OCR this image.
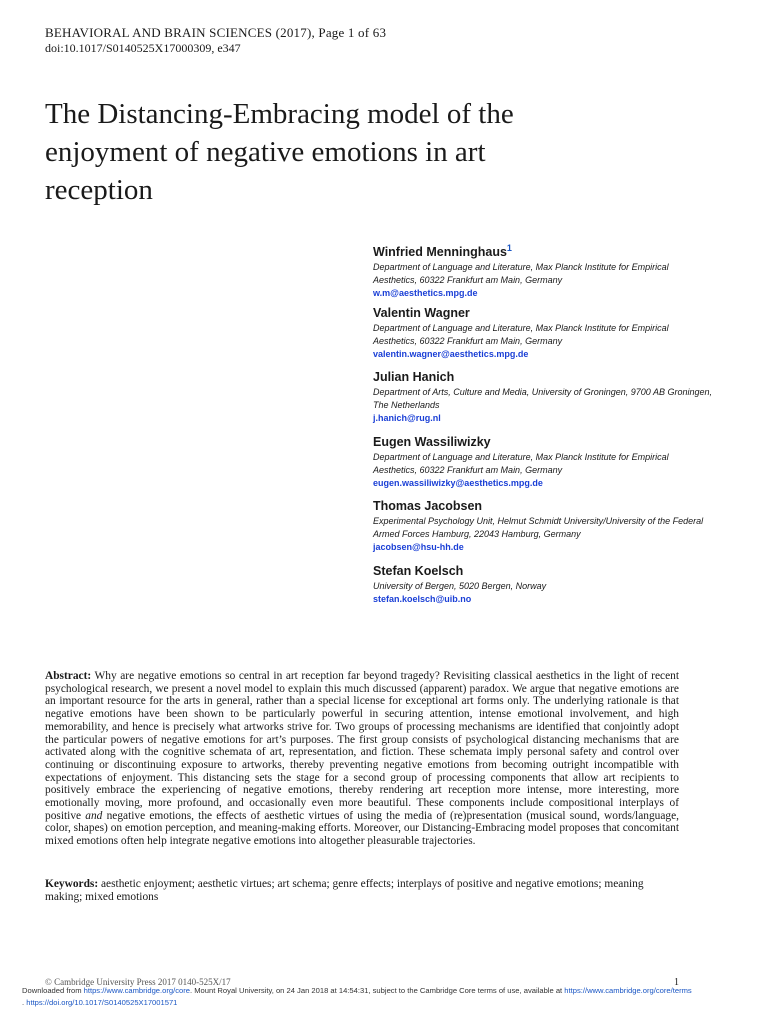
BEHAVIORAL AND BRAIN SCIENCES (2017), Page 1 of 63
doi:10.1017/S0140525X17000309, e347
The Distancing-Embracing model of the enjoyment of negative emotions in art reception
Winfried Menninghaus$^1$
Department of Language and Literature, Max Planck Institute for Empirical Aesthetics, 60322 Frankfurt am Main, Germany
w.m@aesthetics.mpg.de
Valentin Wagner
Department of Language and Literature, Max Planck Institute for Empirical Aesthetics, 60322 Frankfurt am Main, Germany
valentin.wagner@aesthetics.mpg.de
Julian Hanich
Department of Arts, Culture and Media, University of Groningen, 9700 AB Groningen, The Netherlands
j.hanich@rug.nl
Eugen Wassiliwizky
Department of Language and Literature, Max Planck Institute for Empirical Aesthetics, 60322 Frankfurt am Main, Germany
eugen.wassiliwizky@aesthetics.mpg.de
Thomas Jacobsen
Experimental Psychology Unit, Helmut Schmidt University/University of the Federal Armed Forces Hamburg, 22043 Hamburg, Germany
jacobsen@hsu-hh.de
Stefan Koelsch
University of Bergen, 5020 Bergen, Norway
stefan.koelsch@uib.no
Abstract: Why are negative emotions so central in art reception far beyond tragedy? Revisiting classical aesthetics in the light of recent psychological research, we present a novel model to explain this much discussed (apparent) paradox. We argue that negative emotions are an important resource for the arts in general, rather than a special license for exceptional art forms only. The underlying rationale is that negative emotions have been shown to be particularly powerful in securing attention, intense emotional involvement, and high memorability, and hence is precisely what artworks strive for. Two groups of processing mechanisms are identified that conjointly adopt the particular powers of negative emotions for art’s purposes. The first group consists of psychological distancing mechanisms that are activated along with the cognitive schemata of art, representation, and fiction. These schemata imply personal safety and control over continuing or discontinuing exposure to artworks, thereby preventing negative emotions from becoming outright incompatible with expectations of enjoyment. This distancing sets the stage for a second group of processing components that allow art recipients to positively embrace the experiencing of negative emotions, thereby rendering art reception more intense, more interesting, more emotionally moving, more profound, and occasionally even more beautiful. These components include compositional interplays of positive and negative emotions, the effects of aesthetic virtues of using the media of (re)presentation (musical sound, words/language, color, shapes) on emotion perception, and meaning-making efforts. Moreover, our Distancing-Embracing model proposes that concomitant mixed emotions often help integrate negative emotions into altogether pleasurable trajectories.
Keywords: aesthetic enjoyment; aesthetic virtues; art schema; genre effects; interplays of positive and negative emotions; meaning making; mixed emotions
© Cambridge University Press 2017 0140-525X/17	1
Downloaded from https://www.cambridge.org/core. Mount Royal University, on 24 Jan 2018 at 14:54:31, subject to the Cambridge Core terms of use, available at https://www.cambridge.org/core/terms
. https://doi.org/10.1017/S0140525X17001571
